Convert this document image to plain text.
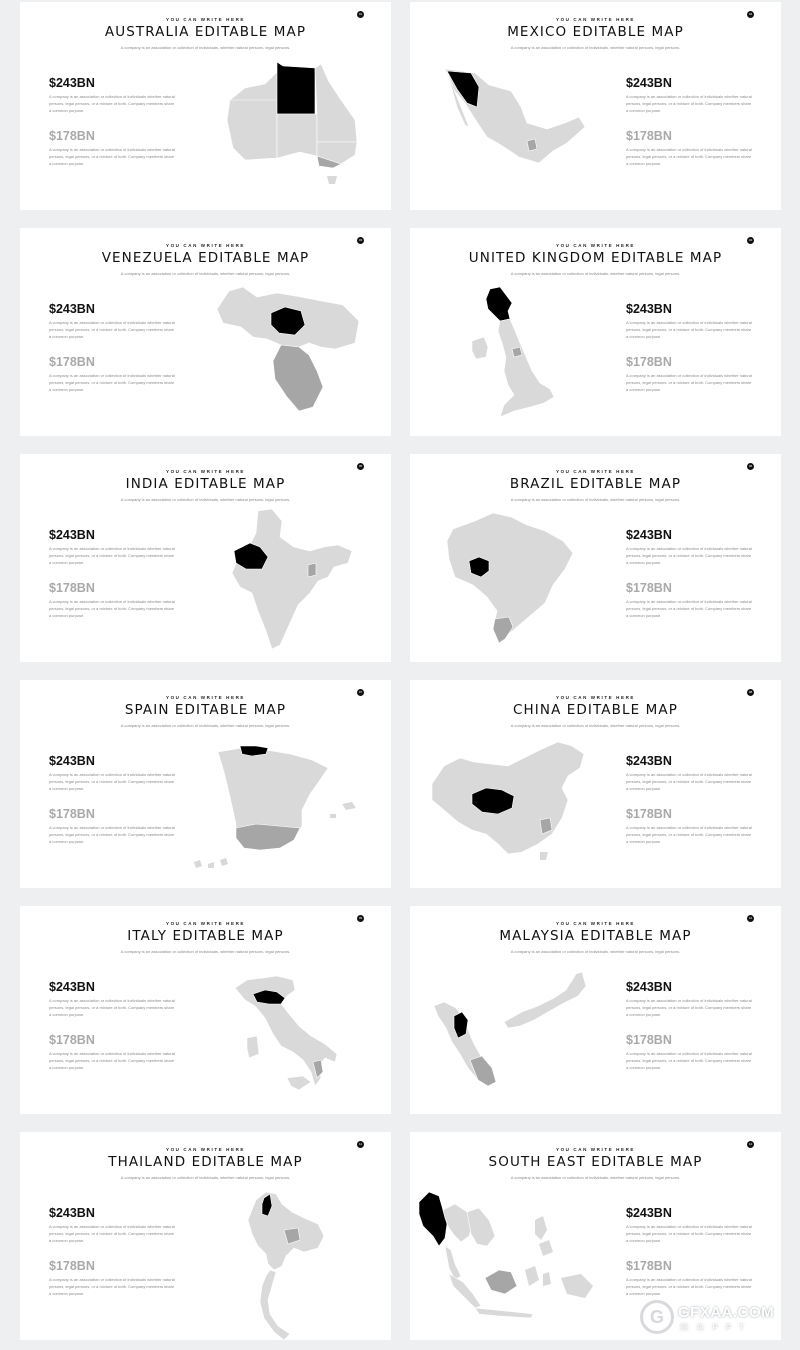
YOU CAN WRITE HERE
AUSTRALIA EDITABLE MAP
A company is an association or collection of individuals, whether natural persons, legal persons.
01
$243BN
A company is an association or collection of individuals whether natural persons, legal persons, or a mixture of both. Company members share a common purpose.
$178BN
A company is an association or collection of individuals whether natural persons, legal persons, or a mixture of both. Company members share a common purpose.
YOU CAN WRITE HERE
MEXICO EDITABLE MAP
A company is an association or collection of individuals, whether natural persons, legal persons.
02
$243BN
A company is an association or collection of individuals whether natural persons, legal persons, or a mixture of both. Company members share a common purpose.
$178BN
A company is an association or collection of individuals whether natural persons, legal persons, or a mixture of both. Company members share a common purpose.
YOU CAN WRITE HERE
VENEZUELA EDITABLE MAP
A company is an association or collection of individuals, whether natural persons, legal persons.
03
$243BN
A company is an association or collection of individuals whether natural persons, legal persons, or a mixture of both. Company members share a common purpose.
$178BN
A company is an association or collection of individuals whether natural persons, legal persons, or a mixture of both. Company members share a common purpose.
YOU CAN WRITE HERE
UNITED KINGDOM EDITABLE MAP
A company is an association or collection of individuals, whether natural persons, legal persons.
04
$243BN
A company is an association or collection of individuals whether natural persons, legal persons, or a mixture of both. Company members share a common purpose.
$178BN
A company is an association or collection of individuals whether natural persons, legal persons, or a mixture of both. Company members share a common purpose.
YOU CAN WRITE HERE
INDIA EDITABLE MAP
A company is an association or collection of individuals, whether natural persons, legal persons.
05
$243BN
A company is an association or collection of individuals whether natural persons, legal persons, or a mixture of both. Company members share a common purpose.
$178BN
A company is an association or collection of individuals whether natural persons, legal persons, or a mixture of both. Company members share a common purpose.
YOU CAN WRITE HERE
BRAZIL EDITABLE MAP
A company is an association or collection of individuals, whether natural persons, legal persons.
06
$243BN
A company is an association or collection of individuals whether natural persons, legal persons, or a mixture of both. Company members share a common purpose.
$178BN
A company is an association or collection of individuals whether natural persons, legal persons, or a mixture of both. Company members share a common purpose.
YOU CAN WRITE HERE
SPAIN EDITABLE MAP
A company is an association or collection of individuals, whether natural persons, legal persons.
07
$243BN
A company is an association or collection of individuals whether natural persons, legal persons, or a mixture of both. Company members share a common purpose.
$178BN
A company is an association or collection of individuals whether natural persons, legal persons, or a mixture of both. Company members share a common purpose.
YOU CAN WRITE HERE
CHINA EDITABLE MAP
A company is an association or collection of individuals, whether natural persons, legal persons.
08
$243BN
A company is an association or collection of individuals whether natural persons, legal persons, or a mixture of both. Company members share a common purpose.
$178BN
A company is an association or collection of individuals whether natural persons, legal persons, or a mixture of both. Company members share a common purpose.
YOU CAN WRITE HERE
ITALY EDITABLE MAP
A company is an association or collection of individuals, whether natural persons, legal persons.
09
$243BN
A company is an association or collection of individuals whether natural persons, legal persons, or a mixture of both. Company members share a common purpose.
$178BN
A company is an association or collection of individuals whether natural persons, legal persons, or a mixture of both. Company members share a common purpose.
YOU CAN WRITE HERE
MALAYSIA EDITABLE MAP
A company is an association or collection of individuals, whether natural persons, legal persons.
10
$243BN
A company is an association or collection of individuals whether natural persons, legal persons, or a mixture of both. Company members share a common purpose.
$178BN
A company is an association or collection of individuals whether natural persons, legal persons, or a mixture of both. Company members share a common purpose.
YOU CAN WRITE HERE
THAILAND EDITABLE MAP
A company is an association or collection of individuals, whether natural persons, legal persons.
11
$243BN
A company is an association or collection of individuals whether natural persons, legal persons, or a mixture of both. Company members share a common purpose.
$178BN
A company is an association or collection of individuals whether natural persons, legal persons, or a mixture of both. Company members share a common purpose.
YOU CAN WRITE HERE
SOUTH EAST EDITABLE MAP
A company is an association or collection of individuals, whether natural persons, legal persons.
12
$243BN
A company is an association or collection of individuals whether natural persons, legal persons, or a mixture of both. Company members share a common purpose.
$178BN
A company is an association or collection of individuals whether natural persons, legal persons, or a mixture of both. Company members share a common purpose.
G GFXAA.COM
图 鱼 P P T
